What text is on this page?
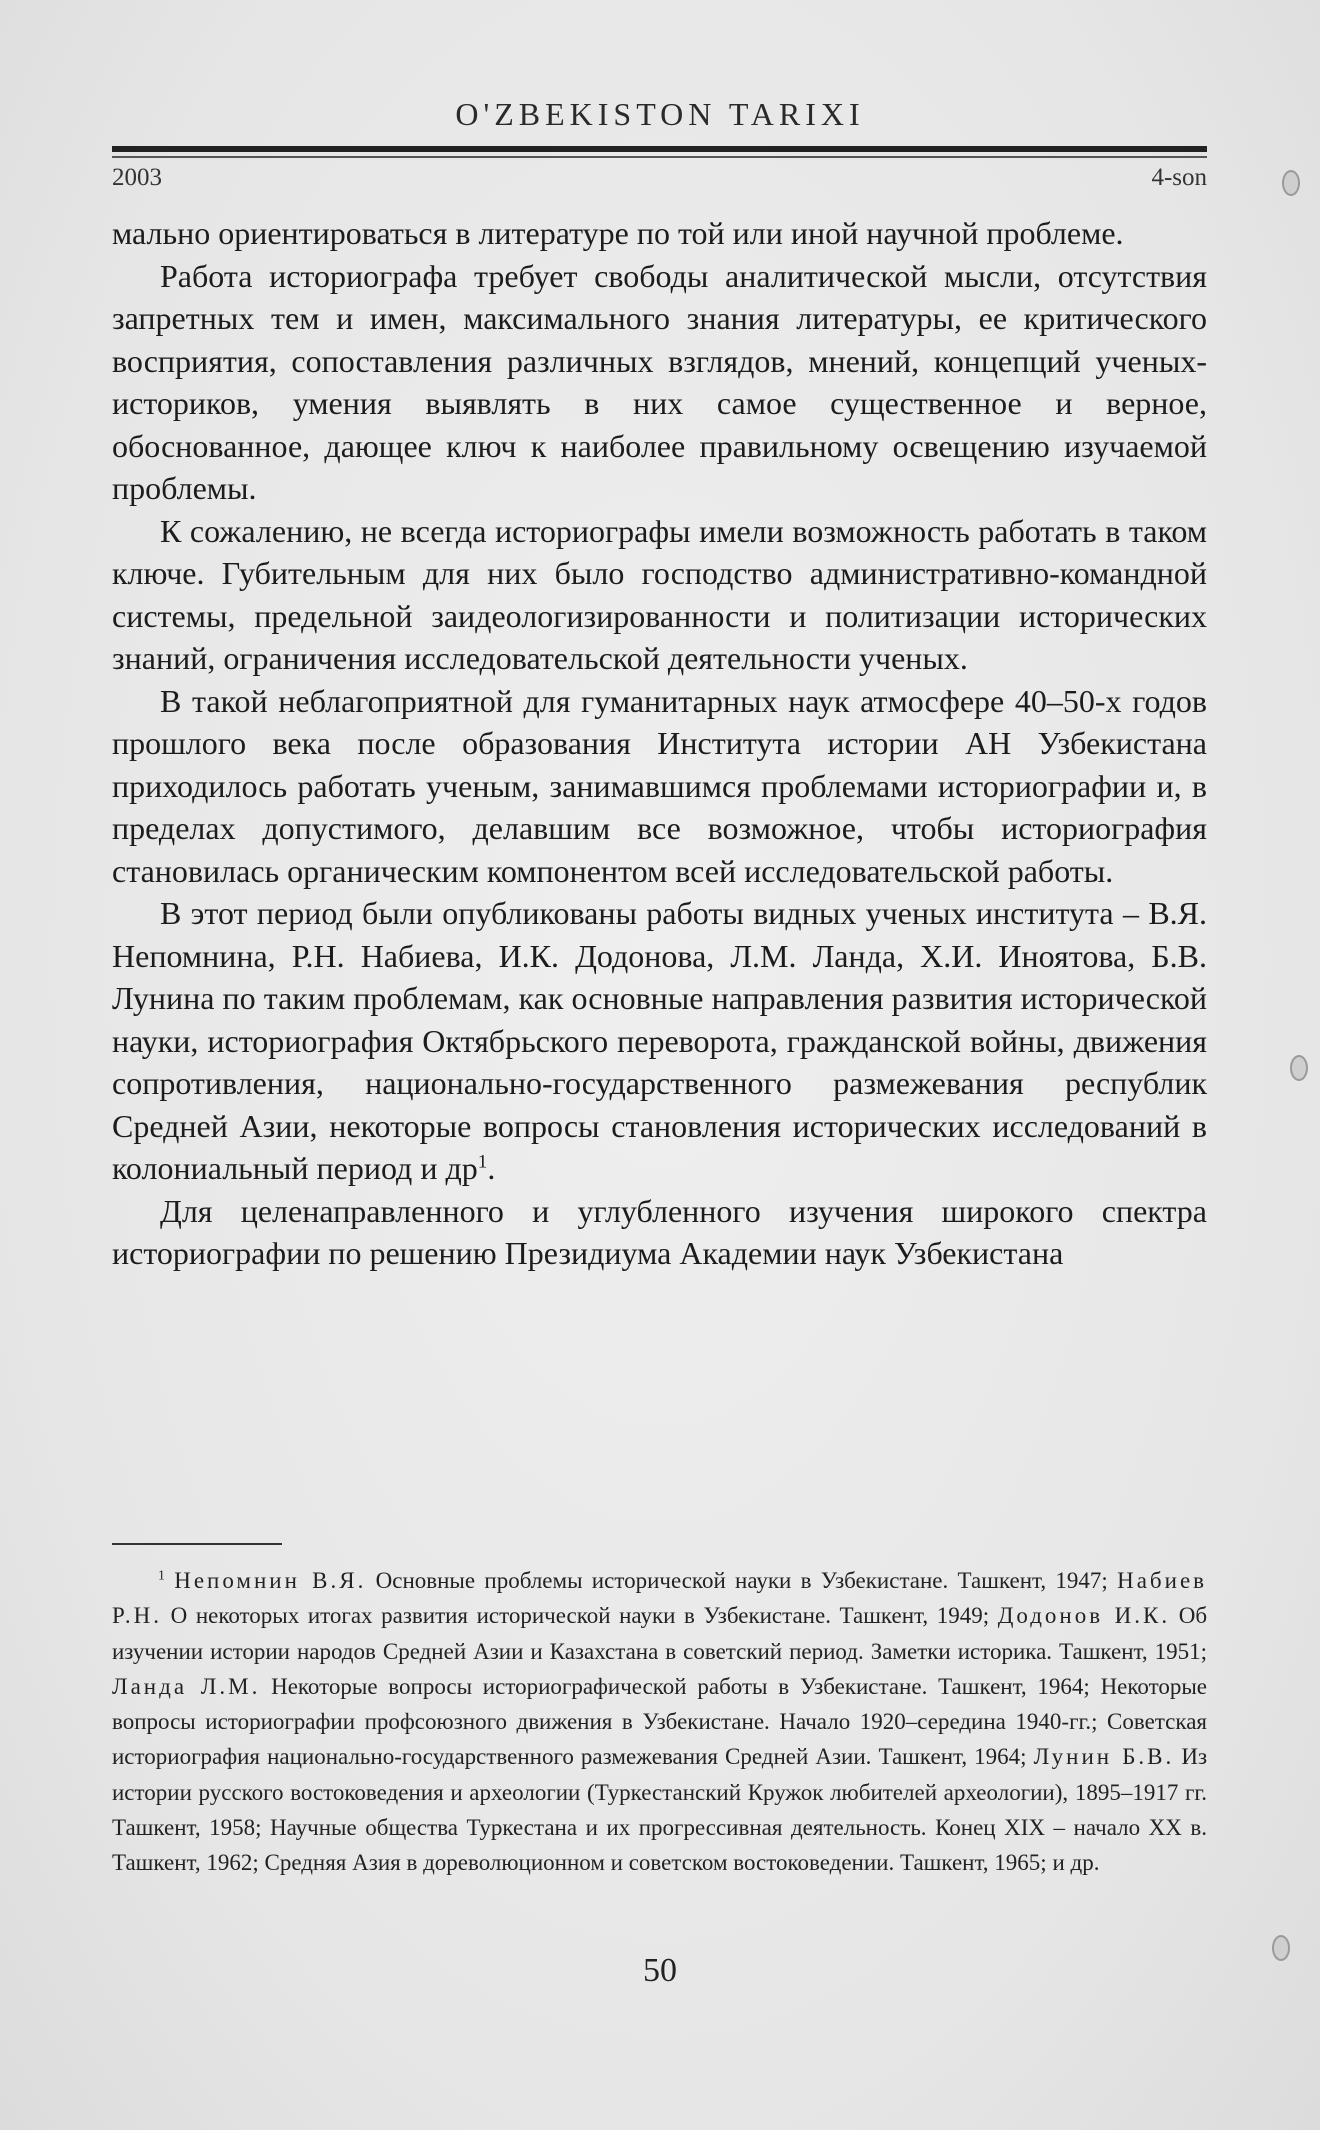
O'ZBEKISTON TARIXI
2003	4-son

мально ориентироваться в литературе по той или иной научной проблеме.

Работа историографа требует свободы аналитической мысли, отсутствия запретных тем и имен, максимального знания литературы, ее критического восприятия, сопоставления различных взглядов, мнений, концепций ученых-историков, умения выявлять в них самое существенное и верное, обоснованное, дающее ключ к наиболее правильному освещению изучаемой проблемы.

К сожалению, не всегда историографы имели возможность работать в таком ключе. Губительным для них было господство административно-командной системы, предельной заидеологизированности и политизации исторических знаний, ограничения исследовательской деятельности ученых.

В такой неблагоприятной для гуманитарных наук атмосфере 40–50-х годов прошлого века после образования Института истории АН Узбекистана приходилось работать ученым, занимавшимся проблемами историографии и, в пределах допустимого, делавшим все возможное, чтобы историография становилась органическим компонентом всей исследовательской работы.

В этот период были опубликованы работы видных ученых института – В.Я. Непомнина, Р.Н. Набиева, И.К. Додонова, Л.М. Ланда, Х.И. Иноятова, Б.В. Лунина по таким проблемам, как основные направления развития исторической науки, историография Октябрьского переворота, гражданской войны, движения сопротивления, национально-государственного размежевания республик Средней Азии, некоторые вопросы становления исторических исследований в колониальный период и $др^1$.

Для целенаправленного и углубленного изучения широкого спектра историографии по решению Президиума Академии наук Узбекистана

$^1$ Непомнин В.Я. Основные проблемы исторической науки в Узбекистане. Ташкент, 1947; Набиев Р.Н. О некоторых итогах развития исторической науки в Узбекистане. Ташкент, 1949; Додонов И.К. Об изучении истории народов Средней Азии и Казахстана в советский период. Заметки историка. Ташкент, 1951; Ланда Л.М. Некоторые вопросы историографической работы в Узбекистане. Ташкент, 1964; Некоторые вопросы историографии профсоюзного движения в Узбекистане. Начало 1920–середина 1940-гг.; Советская историография национально-государственного размежевания Средней Азии. Ташкент, 1964; Лунин Б.В. Из истории русского востоковедения и археологии (Туркестанский Кружок любителей археологии), 1895–1917 гг. Ташкент, 1958; Научные общества Туркестана и их прогрессивная деятельность. Конец XIX – начало XX в. Ташкент, 1962; Средняя Азия в дореволюционном и советском востоковедении. Ташкент, 1965; и др.
50
